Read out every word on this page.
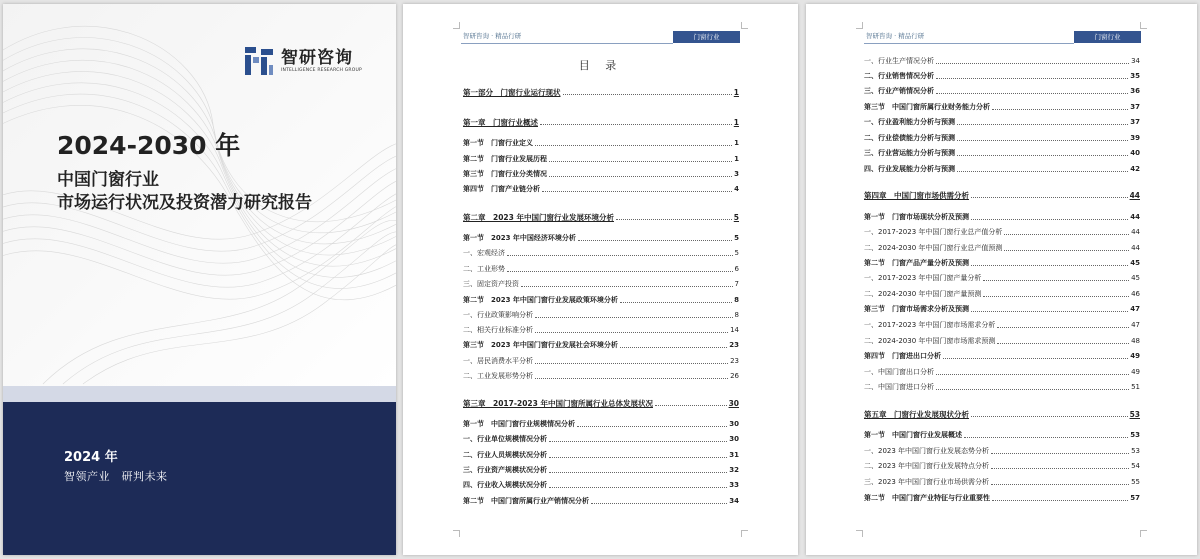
智研咨询
INTELLIGENCE RESEARCH GROUP
2024-2030 年
中国门窗行业
市场运行状况及投资潜力研究报告
2024 年
智领产业　研判未来
智研咨询 · 精品行研	门窗行业
目 录
第一部分　门窗行业运行现状	1
第一章　门窗行业概述	1
第一节　门窗行业定义	1
第二节　门窗行业发展历程	1
第三节　门窗行业分类情况	3
第四节　门窗产业链分析	4
第二章　2023 年中国门窗行业发展环境分析	5
第一节　2023 年中国经济环境分析	5
一、宏观经济	5
二、工业形势	6
三、固定资产投资	7
第二节　2023 年中国门窗行业发展政策环境分析	8
一、行业政策影响分析	8
二、相关行业标准分析	14
第三节　2023 年中国门窗行业发展社会环境分析	23
一、居民消费水平分析	23
二、工业发展形势分析	26
第三章　2017-2023 年中国门窗所属行业总体发展状况	30
第一节　中国门窗行业规模情况分析	30
一、行业单位规模情况分析	30
二、行业人员规模状况分析	31
三、行业资产规模状况分析	32
四、行业收入规模状况分析	33
第二节　中国门窗所属行业产销情况分析	34
智研咨询 · 精品行研	门窗行业
一、行业生产情况分析	34
二、行业销售情况分析	35
三、行业产销情况分析	36
第三节　中国门窗所属行业财务能力分析	37
一、行业盈利能力分析与预测	37
二、行业偿债能力分析与预测	39
三、行业营运能力分析与预测	40
四、行业发展能力分析与预测	42
第四章　中国门窗市场供需分析	44
第一节　门窗市场现状分析及预测	44
一、2017-2023 年中国门窗行业总产值分析	44
二、2024-2030 年中国门窗行业总产值预测	44
第二节　门窗产品产量分析及预测	45
一、2017-2023 年中国门窗产量分析	45
二、2024-2030 年中国门窗产量预测	46
第三节　门窗市场需求分析及预测	47
一、2017-2023 年中国门窗市场需求分析	47
二、2024-2030 年中国门窗市场需求预测	48
第四节　门窗进出口分析	49
一、中国门窗出口分析	49
二、中国门窗进口分析	51
第五章　门窗行业发展现状分析	53
第一节　中国门窗行业发展概述	53
一、2023 年中国门窗行业发展态势分析	53
二、2023 年中国门窗行业发展特点分析	54
三、2023 年中国门窗行业市场供需分析	55
第二节　中国门窗产业特征与行业重要性	57
